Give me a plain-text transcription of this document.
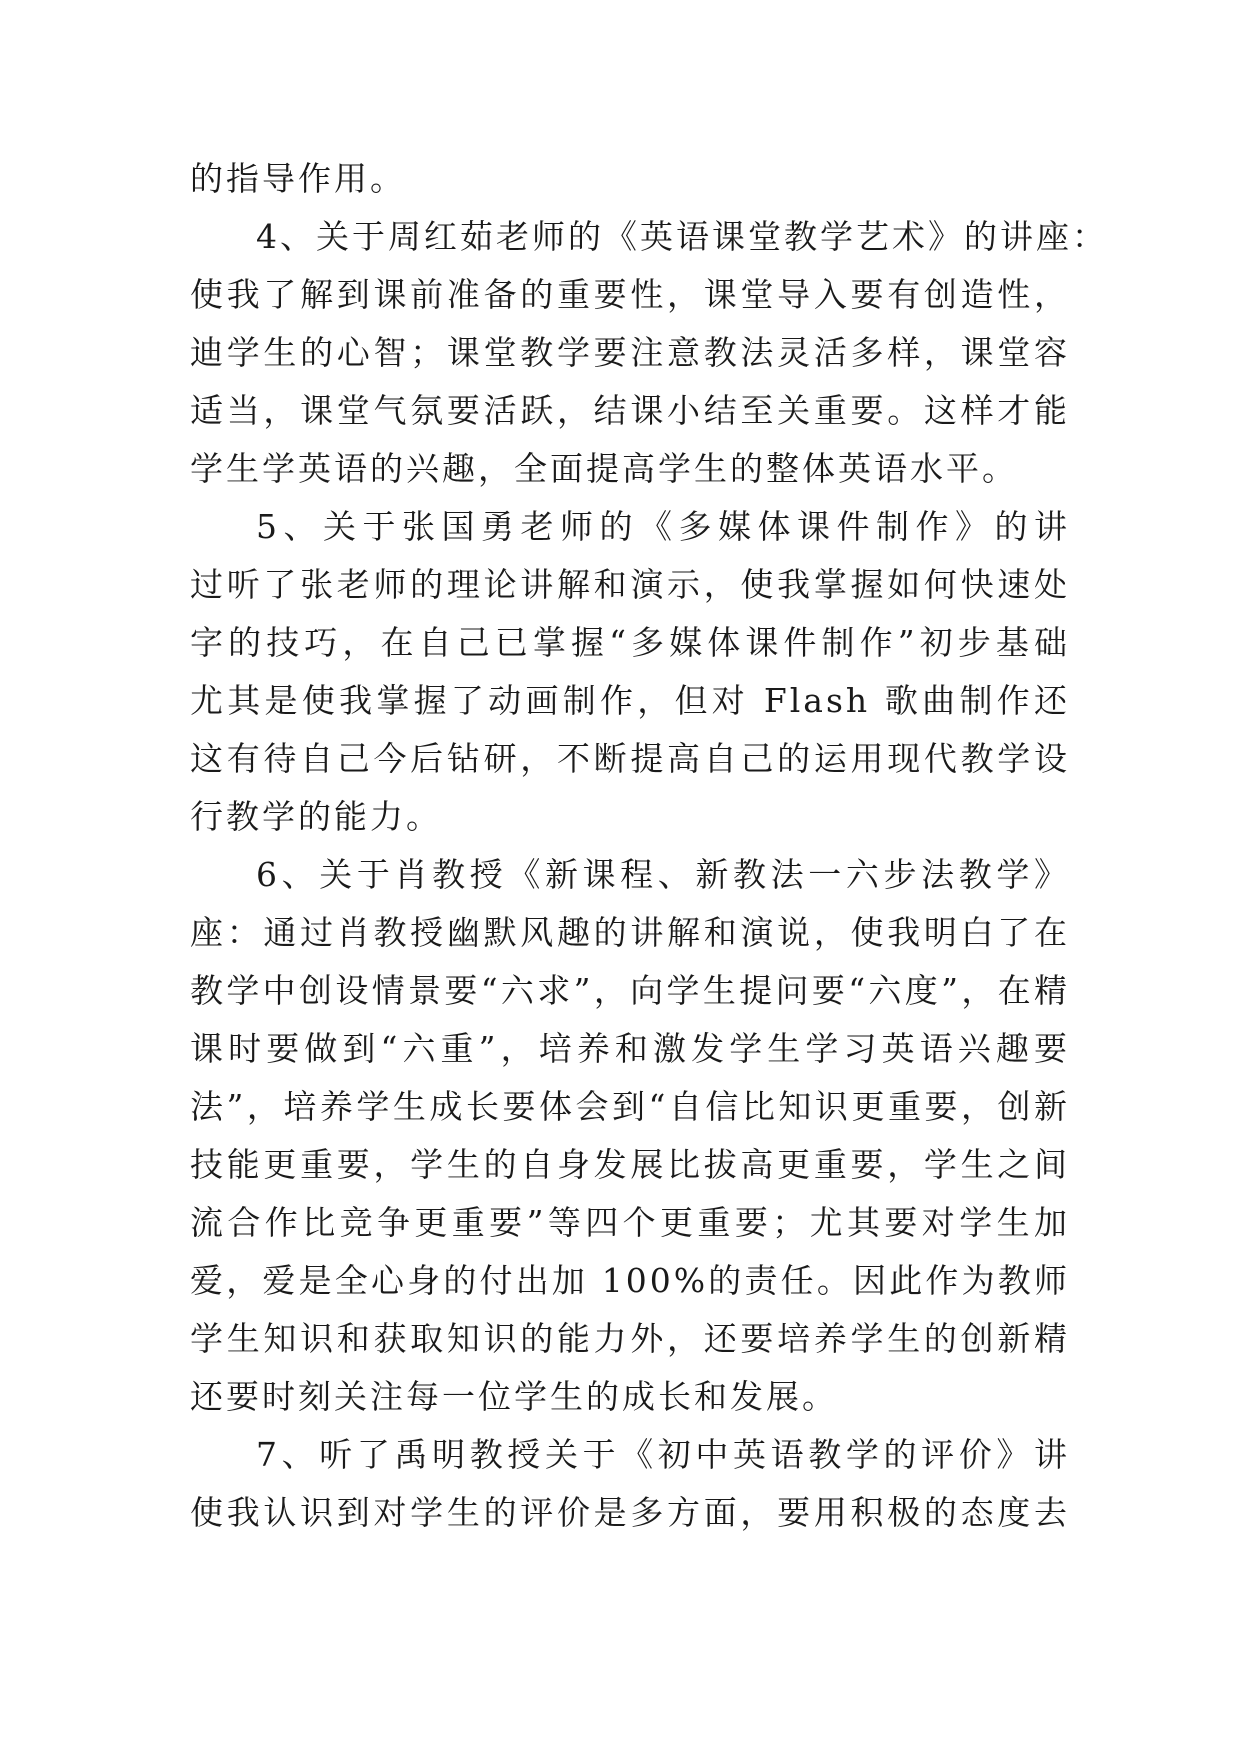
的指导作用。
4、关于周红茹老师的《英语课堂教学艺术》的讲座：
使我了解到课前准备的重要性，课堂导入要有创造性，
迪学生的心智；课堂教学要注意教法灵活多样，课堂容
适当，课堂气氛要活跃，结课小结至关重要。这样才能
学生学英语的兴趣，全面提高学生的整体英语水平。
5、关于张国勇老师的《多媒体课件制作》的讲
过听了张老师的理论讲解和演示，使我掌握如何快速处
字的技巧，在自己已掌握“多媒体课件制作”初步基础
尤其是使我掌握了动画制作，但对 Flash 歌曲制作还
这有待自己今后钻研，不断提高自己的运用现代教学设
行教学的能力。
6、关于肖教授《新课程、新教法一六步法教学》
座：通过肖教授幽默风趣的讲解和演说，使我明白了在
教学中创设情景要“六求”，向学生提问要“六度”，在精
课时要做到“六重”，培养和激发学生学习英语兴趣要
法”，培养学生成长要体会到“自信比知识更重要，创新
技能更重要，学生的自身发展比拔高更重要，学生之间
流合作比竞争更重要”等四个更重要；尤其要对学生加
爱，爱是全心身的付出加 100%的责任。因此作为教师
学生知识和获取知识的能力外，还要培养学生的创新精
还要时刻关注每一位学生的成长和发展。
7、听了禹明教授关于《初中英语教学的评价》讲
使我认识到对学生的评价是多方面，要用积极的态度去
